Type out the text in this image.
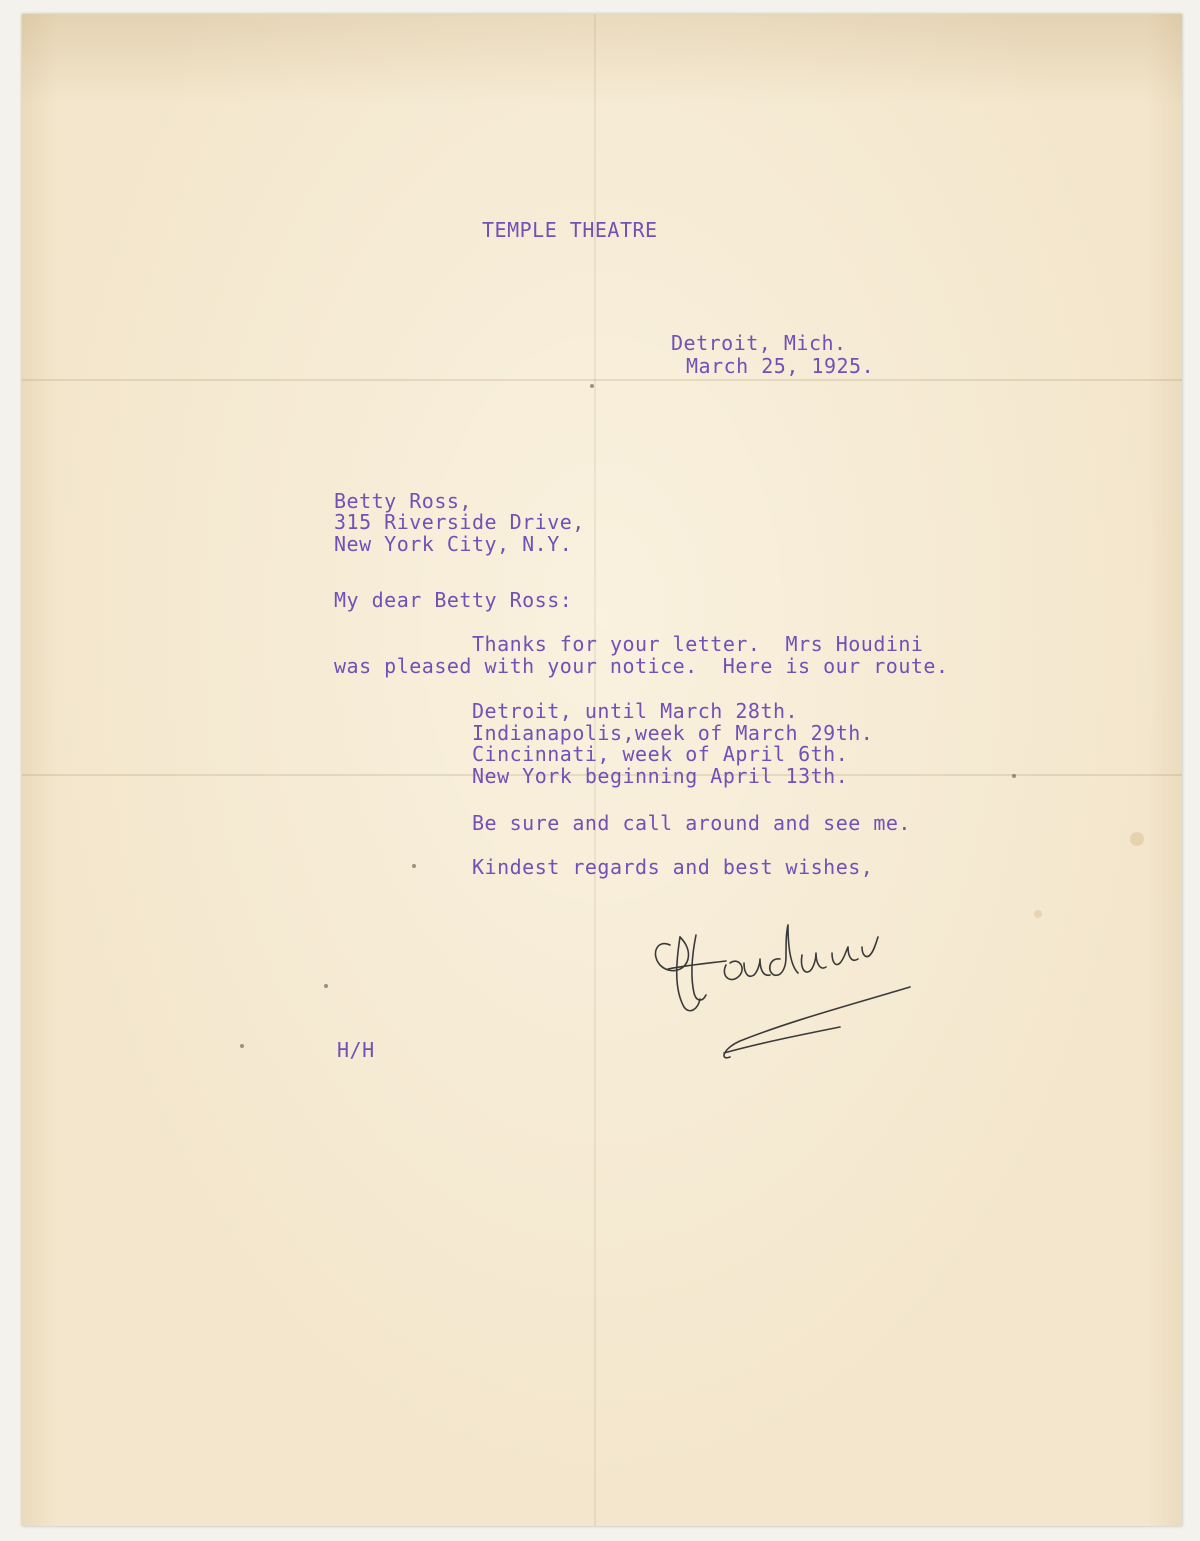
TEMPLE THEATRE
Detroit, Mich.
March 25, 1925.
Betty Ross,
315 Riverside Drive,
New York City, N.Y.
My dear Betty Ross:
Thanks for your letter.  Mrs Houdini
was pleased with your notice.  Here is our route.
Detroit, until March 28th.
Indianapolis,week of March 29th.
Cincinnati, week of April 6th.
New York beginning April 13th.
Be sure and call around and see me.
Kindest regards and best wishes,
H/H
